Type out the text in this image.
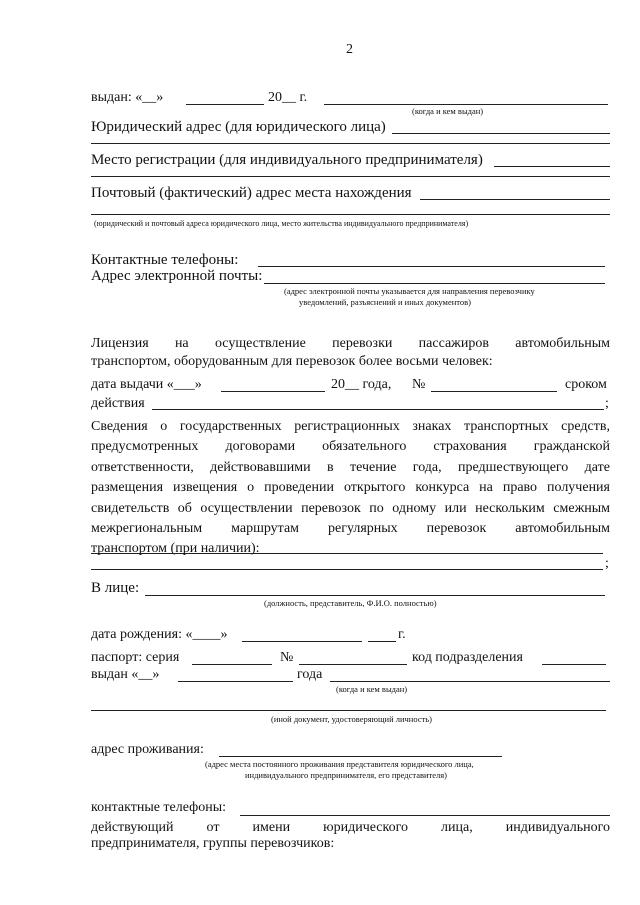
2
выдан: «__»	20__ г.
(когда и кем выдан)
Юридический адрес (для юридического лица)
Место регистрации (для индивидуального предпринимателя)
Почтовый (фактический) адрес места нахождения
(юридический и почтовый адреса юридического лица, место жительства индивидуального предпринимателя)
Контактные телефоны:
Адрес электронной почты:
(адрес электронной почты указывается для направления перевозчику
уведомлений, разъяснений и иных документов)
Лицензия на осуществление перевозки пассажиров автомобильным
транспортом, оборудованным для перевозок более восьми человек:
дата выдачи «___»	20__ года, №	сроком
действия	;
Сведения о государственных регистрационных знаках транспортных средств,
предусмотренных договорами обязательного страхования гражданской
ответственности, действовавшими в течение года, предшествующего дате
размещения извещения о проведении открытого конкурса на право получения
свидетельств об осуществлении перевозок по одному или нескольким смежным
межрегиональным маршрутам регулярных перевозок автомобильным
транспортом (при наличии):
;
В лице:
(должность, представитель, Ф.И.О. полностью)
дата рождения: «____»	г.
паспорт: серия	№	код подразделения
выдан «__»	года
(когда и кем выдан)
(иной документ, удостоверяющий личность)
адрес проживания:
(адрес места постоянного проживания представителя юридического лица,
индивидуального предпринимателя, его представителя)
контактные телефоны:
действующий от имени юридического лица, индивидуального
предпринимателя, группы перевозчиков:
